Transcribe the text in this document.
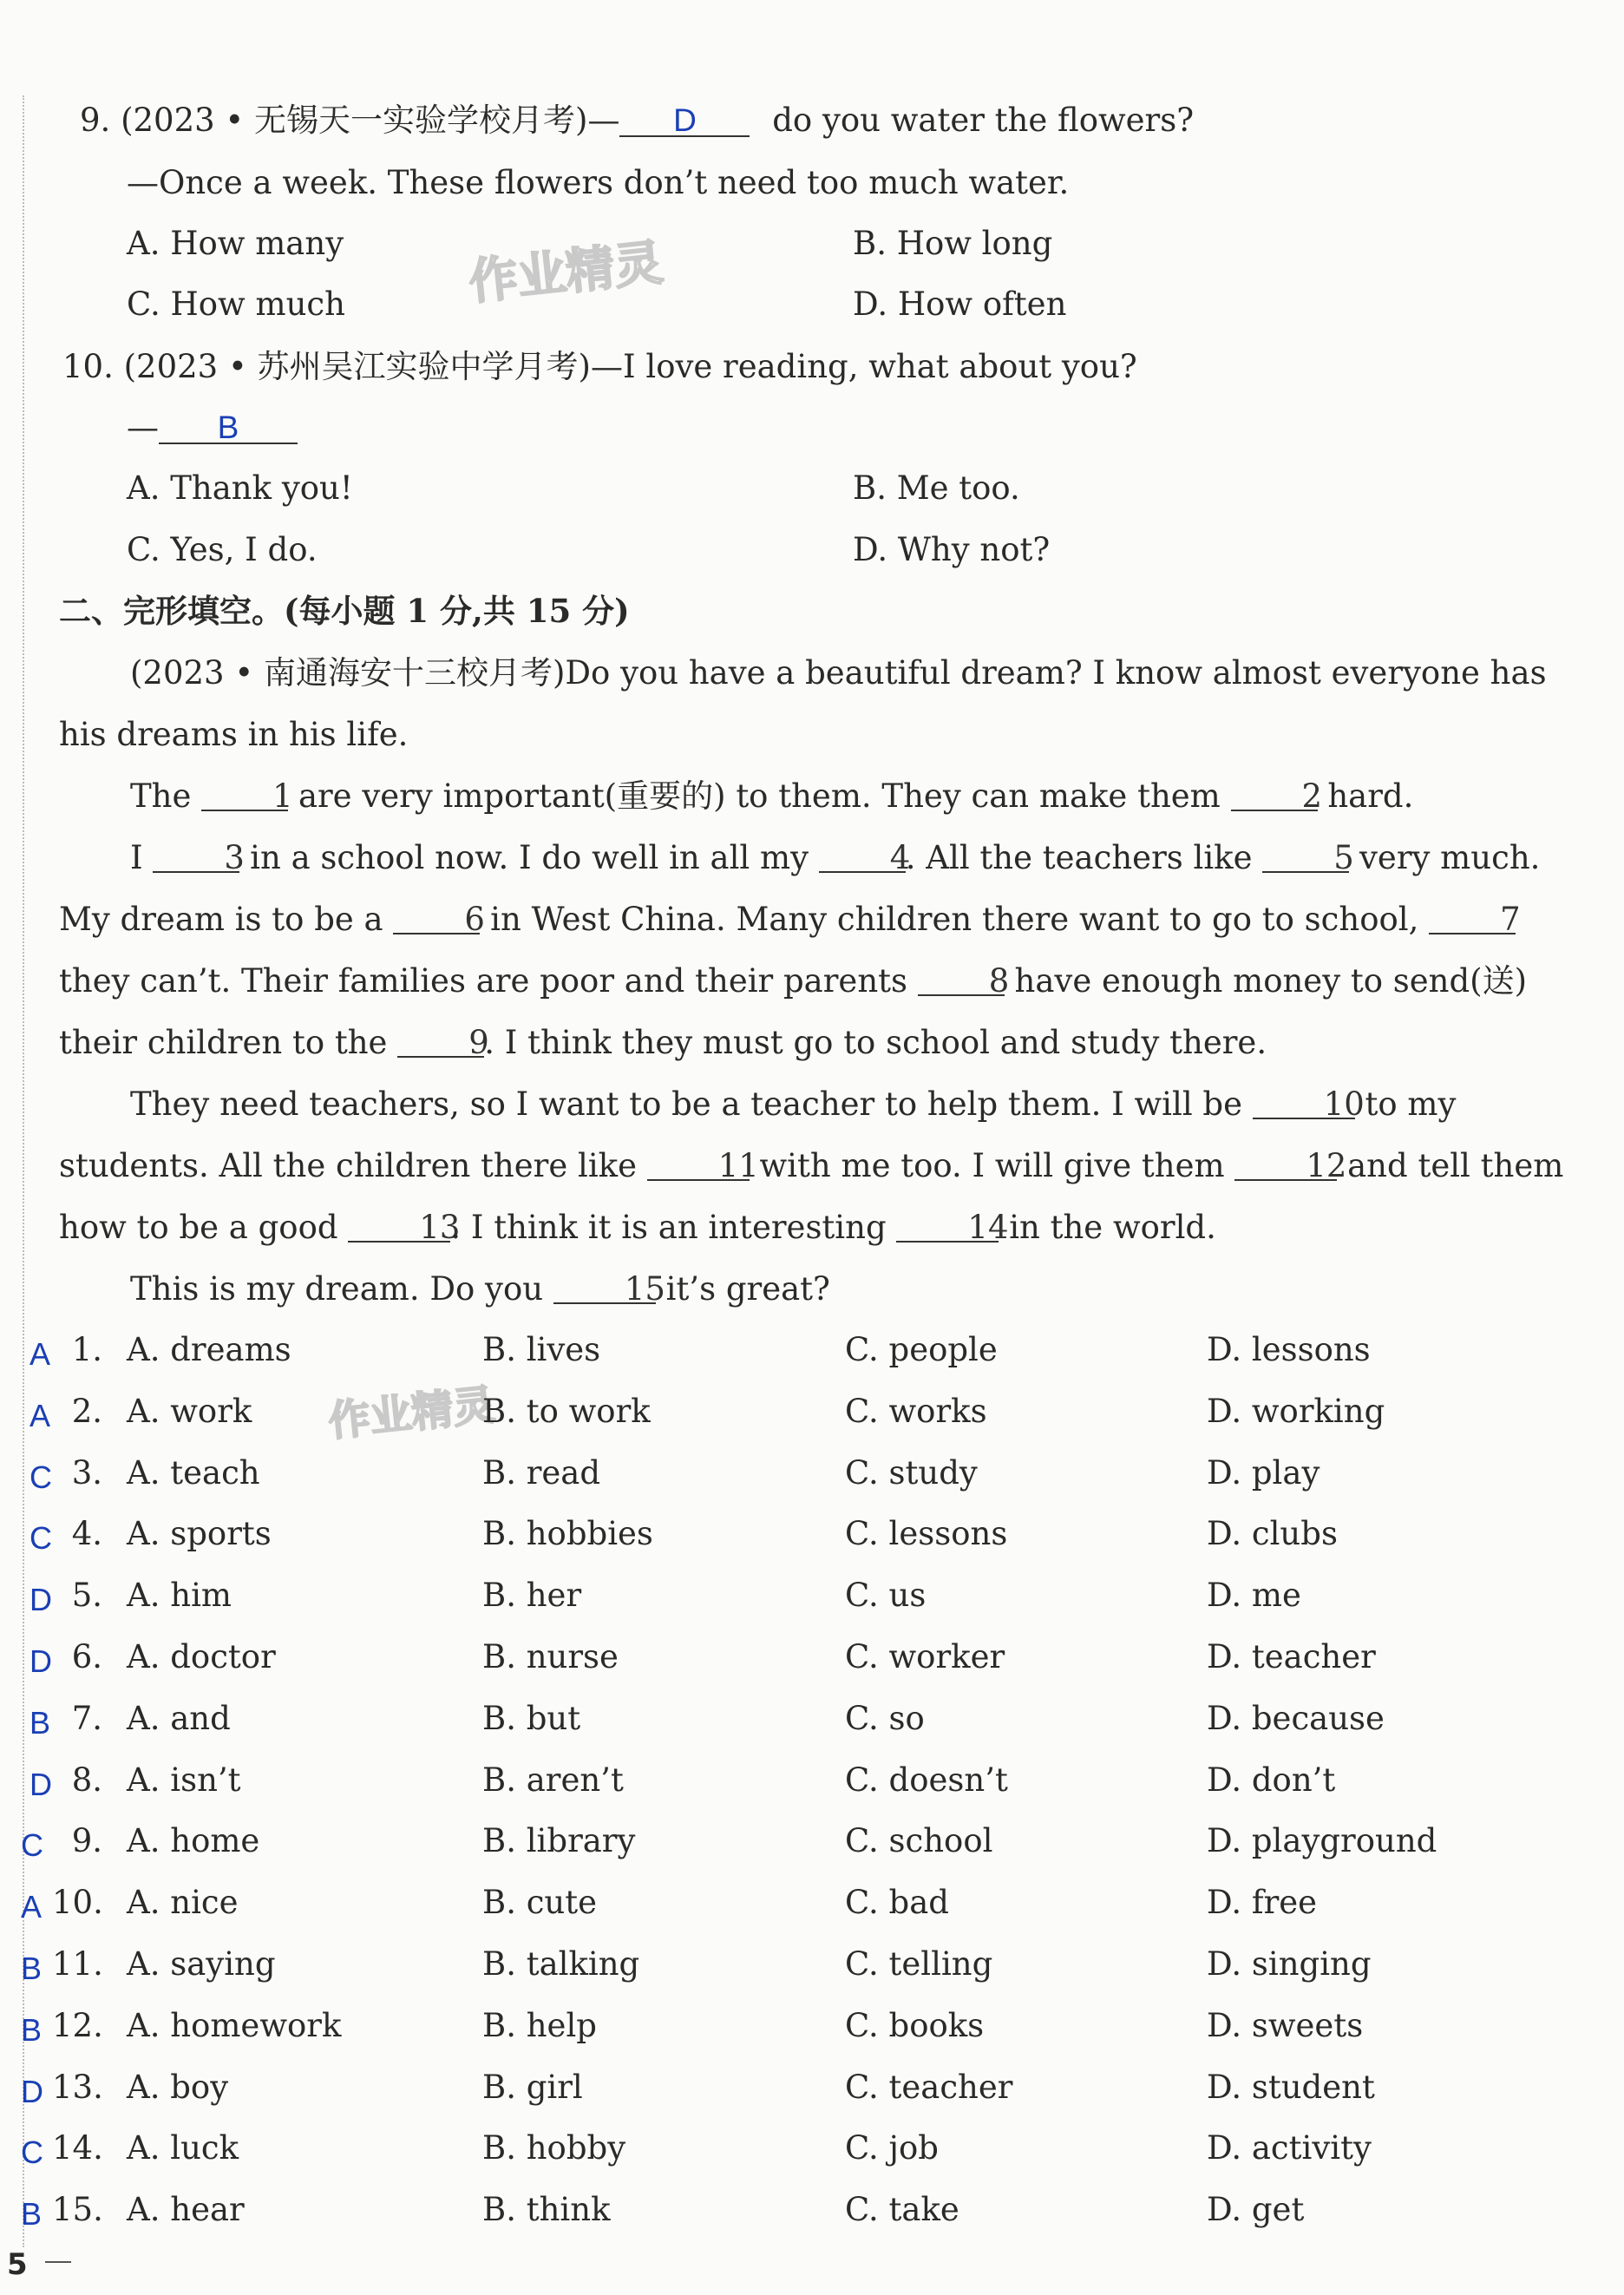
9. (2023 • 无锡天一实验学校月考)— D do you water the flowers?
—Once a week. These flowers don’t need too much water.
A. How many	B. How long
C. How much	D. How often
作业精灵
10. (2023 • 苏州吴江实验中学月考)—I love reading, what about you?
— B
A. Thank you!	B. Me too.
C. Yes, I do.	D. Why not?
二、完形填空。(每小题 1 分,共 15 分)
(2023 • 南通海安十三校月考)Do you have a beautiful dream? I know almost everyone has his dreams in his life.
The	1 are very important(重要的) to them. They can make them	2 hard.
I	3 in a school now. I do well in all my	4. All the teachers like	5 very much. My dream is to be a	6 in West China. Many children there want to go to school,	7 they can’t. Their families are poor and their parents	8 have enough money to send(送) their children to the	9. I think they must go to school and study there.
They need teachers, so I want to be a teacher to help them. I will be	10 to my students. All the children there like	11 with me too. I will give them	12 and tell them how to be a good	13. I think it is an interesting	14 in the world.
This is my dream. Do you	15 it’s great?
作业精灵
A 1. A. dreams	B. lives	C. people	D. lessons
A 2. A. work	B. to work	C. works	D. working
C 3. A. teach	B. read	C. study	D. play
C 4. A. sports	B. hobbies	C. lessons	D. clubs
D 5. A. him	B. her	C. us	D. me
D 6. A. doctor	B. nurse	C. worker	D. teacher
B 7. A. and	B. but	C. so	D. because
D 8. A. isn’t	B. aren’t	C. doesn’t	D. don’t
C 9. A. home	B. library	C. school	D. playground
A 10. A. nice	B. cute	C. bad	D. free
B 11. A. saying	B. talking	C. telling	D. singing
B 12. A. homework	B. help	C. books	D. sweets
D 13. A. boy	B. girl	C. teacher	D. student
C 14. A. luck	B. hobby	C. job	D. activity
B 15. A. hear	B. think	C. take	D. get
5
